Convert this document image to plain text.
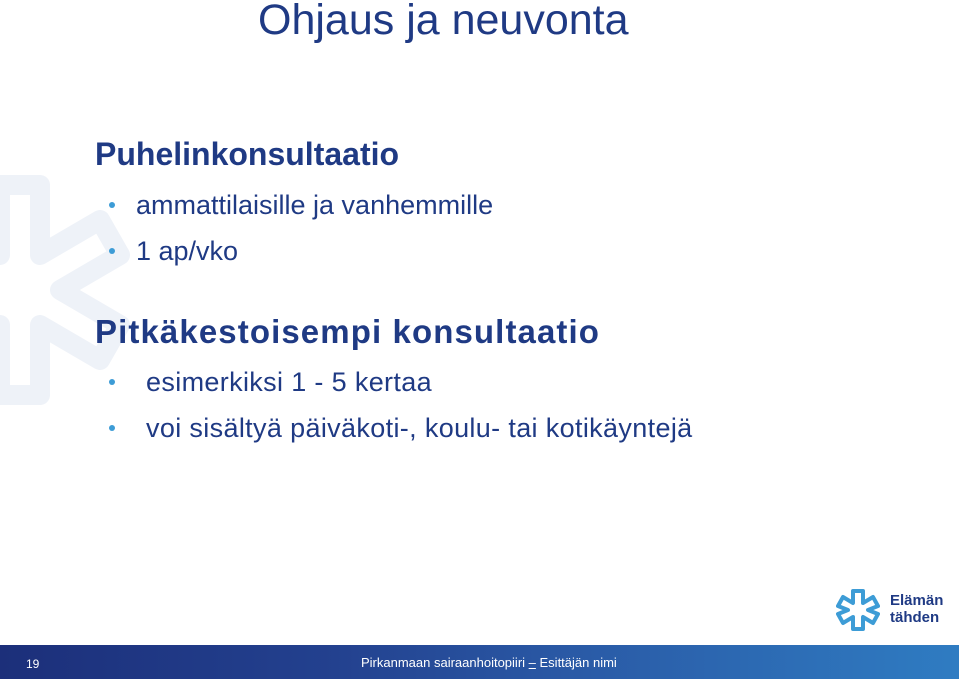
Ohjaus ja neuvonta
Puhelinkonsultaatio
ammattilaisille ja vanhemmille
1 ap/vko
Pitkäkestoisempi konsultaatio
esimerkiksi 1 - 5 kertaa
voi sisältyä päiväkoti-, koulu- tai kotikäyntejä
Elämän
tähden
19	Pirkanmaan sairaanhoitopiiri – Esittäjän nimi
